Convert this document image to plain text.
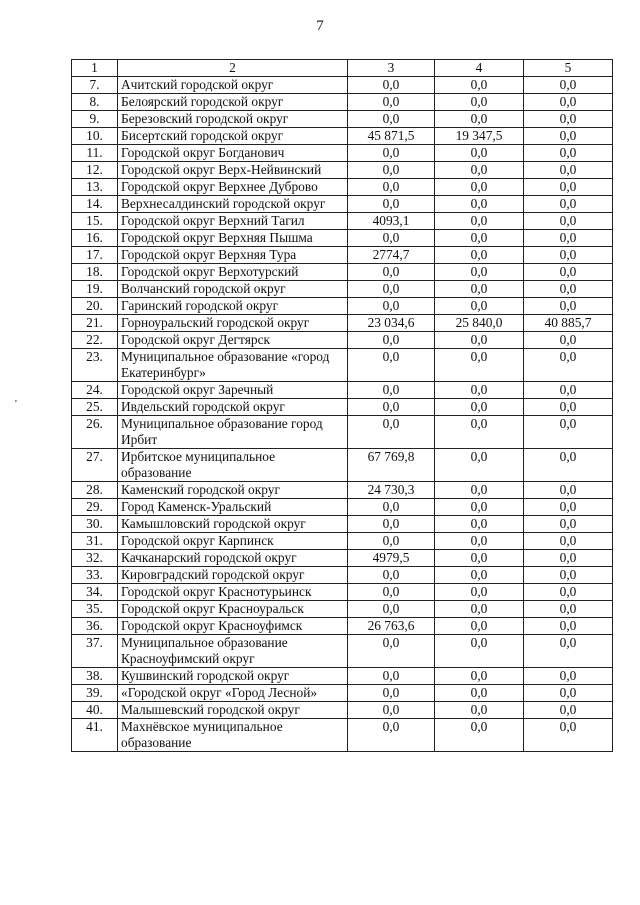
7
‚
1	2	3	4	5
7.	Ачитский городской округ	0,0	0,0	0,0
8.	Белоярский городской округ	0,0	0,0	0,0
9.	Березовский городской округ	0,0	0,0	0,0
10.	Бисертский городской округ	45 871,5	19 347,5	0,0
11.	Городской округ Богданович	0,0	0,0	0,0
12.	Городской округ Верх-Нейвинский	0,0	0,0	0,0
13.	Городской округ Верхнее Дуброво	0,0	0,0	0,0
14.	Верхнесалдинский городской округ	0,0	0,0	0,0
15.	Городской округ Верхний Тагил	4093,1	0,0	0,0
16.	Городской округ Верхняя Пышма	0,0	0,0	0,0
17.	Городской округ Верхняя Тура	2774,7	0,0	0,0
18.	Городской округ Верхотурский	0,0	0,0	0,0
19.	Волчанский городской округ	0,0	0,0	0,0
20.	Гаринский городской округ	0,0	0,0	0,0
21.	Горноуральский городской округ	23 034,6	25 840,0	40 885,7
22.	Городской округ Дегтярск	0,0	0,0	0,0
23.	Муниципальное образование «город Екатеринбург»	0,0	0,0	0,0
24.	Городской округ Заречный	0,0	0,0	0,0
25.	Ивдельский городской округ	0,0	0,0	0,0
26.	Муниципальное образование город Ирбит	0,0	0,0	0,0
27.	Ирбитское муниципальное образование	67 769,8	0,0	0,0
28.	Каменский городской округ	24 730,3	0,0	0,0
29.	Город Каменск-Уральский	0,0	0,0	0,0
30.	Камышловский городской округ	0,0	0,0	0,0
31.	Городской округ Карпинск	0,0	0,0	0,0
32.	Качканарский городской округ	4979,5	0,0	0,0
33.	Кировградский городской округ	0,0	0,0	0,0
34.	Городской округ Краснотурьинск	0,0	0,0	0,0
35.	Городской округ Красноуральск	0,0	0,0	0,0
36.	Городской округ Красноуфимск	26 763,6	0,0	0,0
37.	Муниципальное образование Красноуфимский округ	0,0	0,0	0,0
38.	Кушвинский городской округ	0,0	0,0	0,0
39.	«Городской округ «Город Лесной»	0,0	0,0	0,0
40.	Малышевский городской округ	0,0	0,0	0,0
41.	Махнёвское муниципальное образование	0,0	0,0	0,0
